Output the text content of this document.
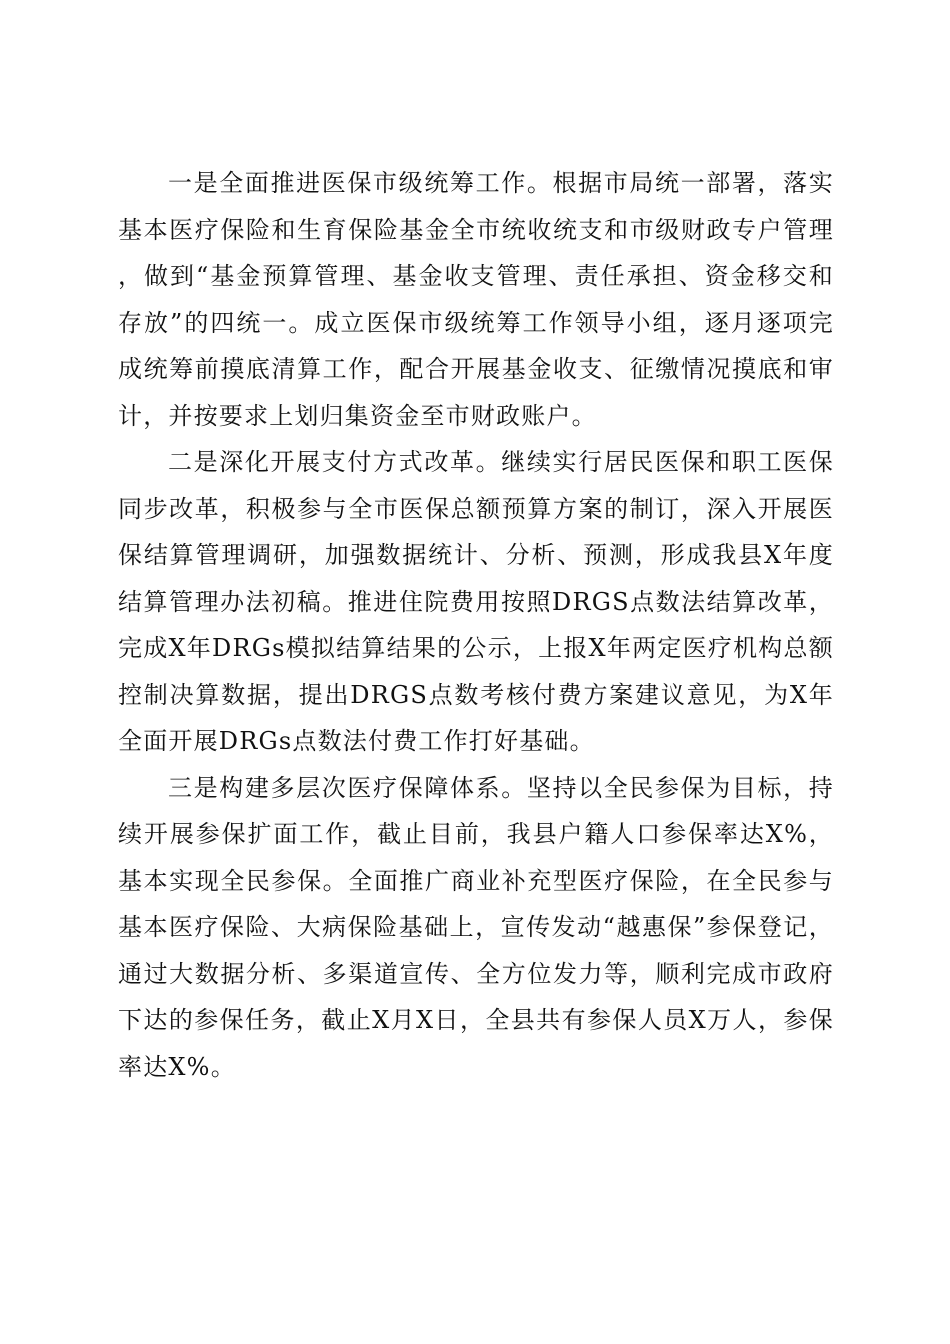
一是全面推进医保市级统筹工作。根据市局统一部署，落实基本医疗保险和生育保险基金全市统收统支和市级财政专户管理，做到“基金预算管理、基金收支管理、责任承担、资金移交和存放”的四统一。成立医保市级统筹工作领导小组，逐月逐项完成统筹前摸底清算工作，配合开展基金收支、征缴情况摸底和审计，并按要求上划归集资金至市财政账户。

二是深化开展支付方式改革。继续实行居民医保和职工医保同步改革，积极参与全市医保总额预算方案的制订，深入开展医保结算管理调研，加强数据统计、分析、预测，形成我县X年度结算管理办法初稿。推进住院费用按照DRGS点数法结算改革，完成X年DRGs模拟结算结果的公示，上报X年两定医疗机构总额控制决算数据，提出DRGS点数考核付费方案建议意见，为X年全面开展DRGs点数法付费工作打好基础。

三是构建多层次医疗保障体系。坚持以全民参保为目标，持续开展参保扩面工作，截止目前，我县户籍人口参保率达X%，基本实现全民参保。全面推广商业补充型医疗保险，在全民参与基本医疗保险、大病保险基础上，宣传发动“越惠保”参保登记，通过大数据分析、多渠道宣传、全方位发力等，顺利完成市政府下达的参保任务，截止X月X日，全县共有参保人员X万人，参保率达X%。
